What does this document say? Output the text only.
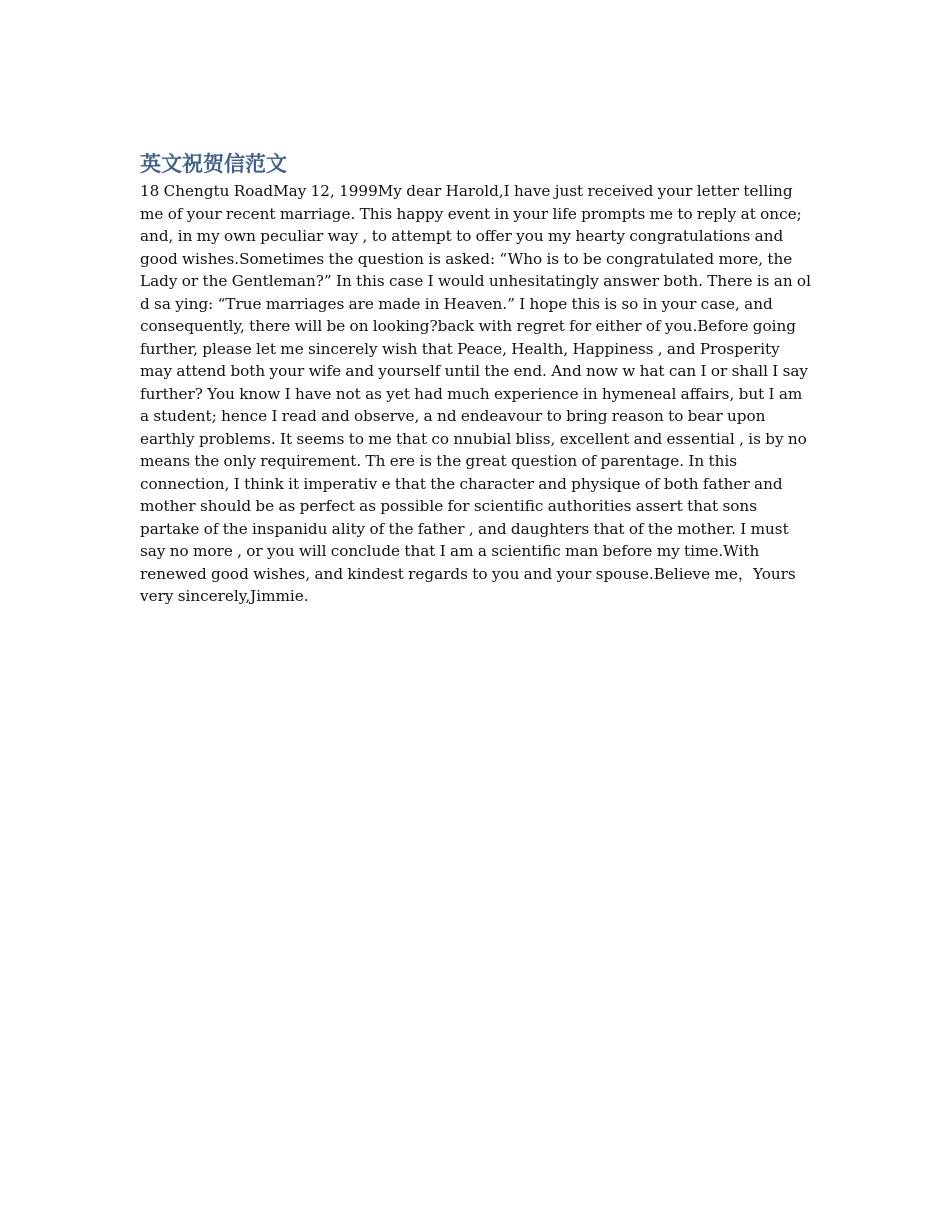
英文祝贺信范文

18 Chengtu RoadMay 12, 1999My dear Harold,I have just received your letter telling me of your recent marriage. This happy event in your life prompts me to reply at once; and, in my own peculiar way , to attempt to offer you my hearty congratulations and good wishes.Sometimes the question is asked: “Who is to be congratulated more, the Lady or the Gentleman?” In this case I would unhesitatingly answer both. There is an ol d sa ying: “True marriages are made in Heaven.” I hope this is so in your case, and consequently, there will be on looking?back with regret for either of you.Before going further, please let me sincerely wish that Peace, Health, Happiness , and Prosperity may attend both your wife and yourself until the end. And now w hat can I or shall I say further? You know I have not as yet had much experience in hymeneal affairs, but I am a student; hence I read and observe, a nd endeavour to bring reason to bear upon earthly problems. It seems to me that co nnubial bliss, excellent and essential , is by no means the only requirement. Th ere is the great question of parentage. In this connection, I think it imperativ e that the character and physique of both father and mother should be as perfect as possible for scientific authorities assert that sons partake of the inspanidu ality of the father , and daughters that of the mother. I must say no more , or you will conclude that I am a scientific man before my time.With renewed good wishes, and kindest regards to you and your spouse.Believe me，Yours very sincerely,Jimmie.
